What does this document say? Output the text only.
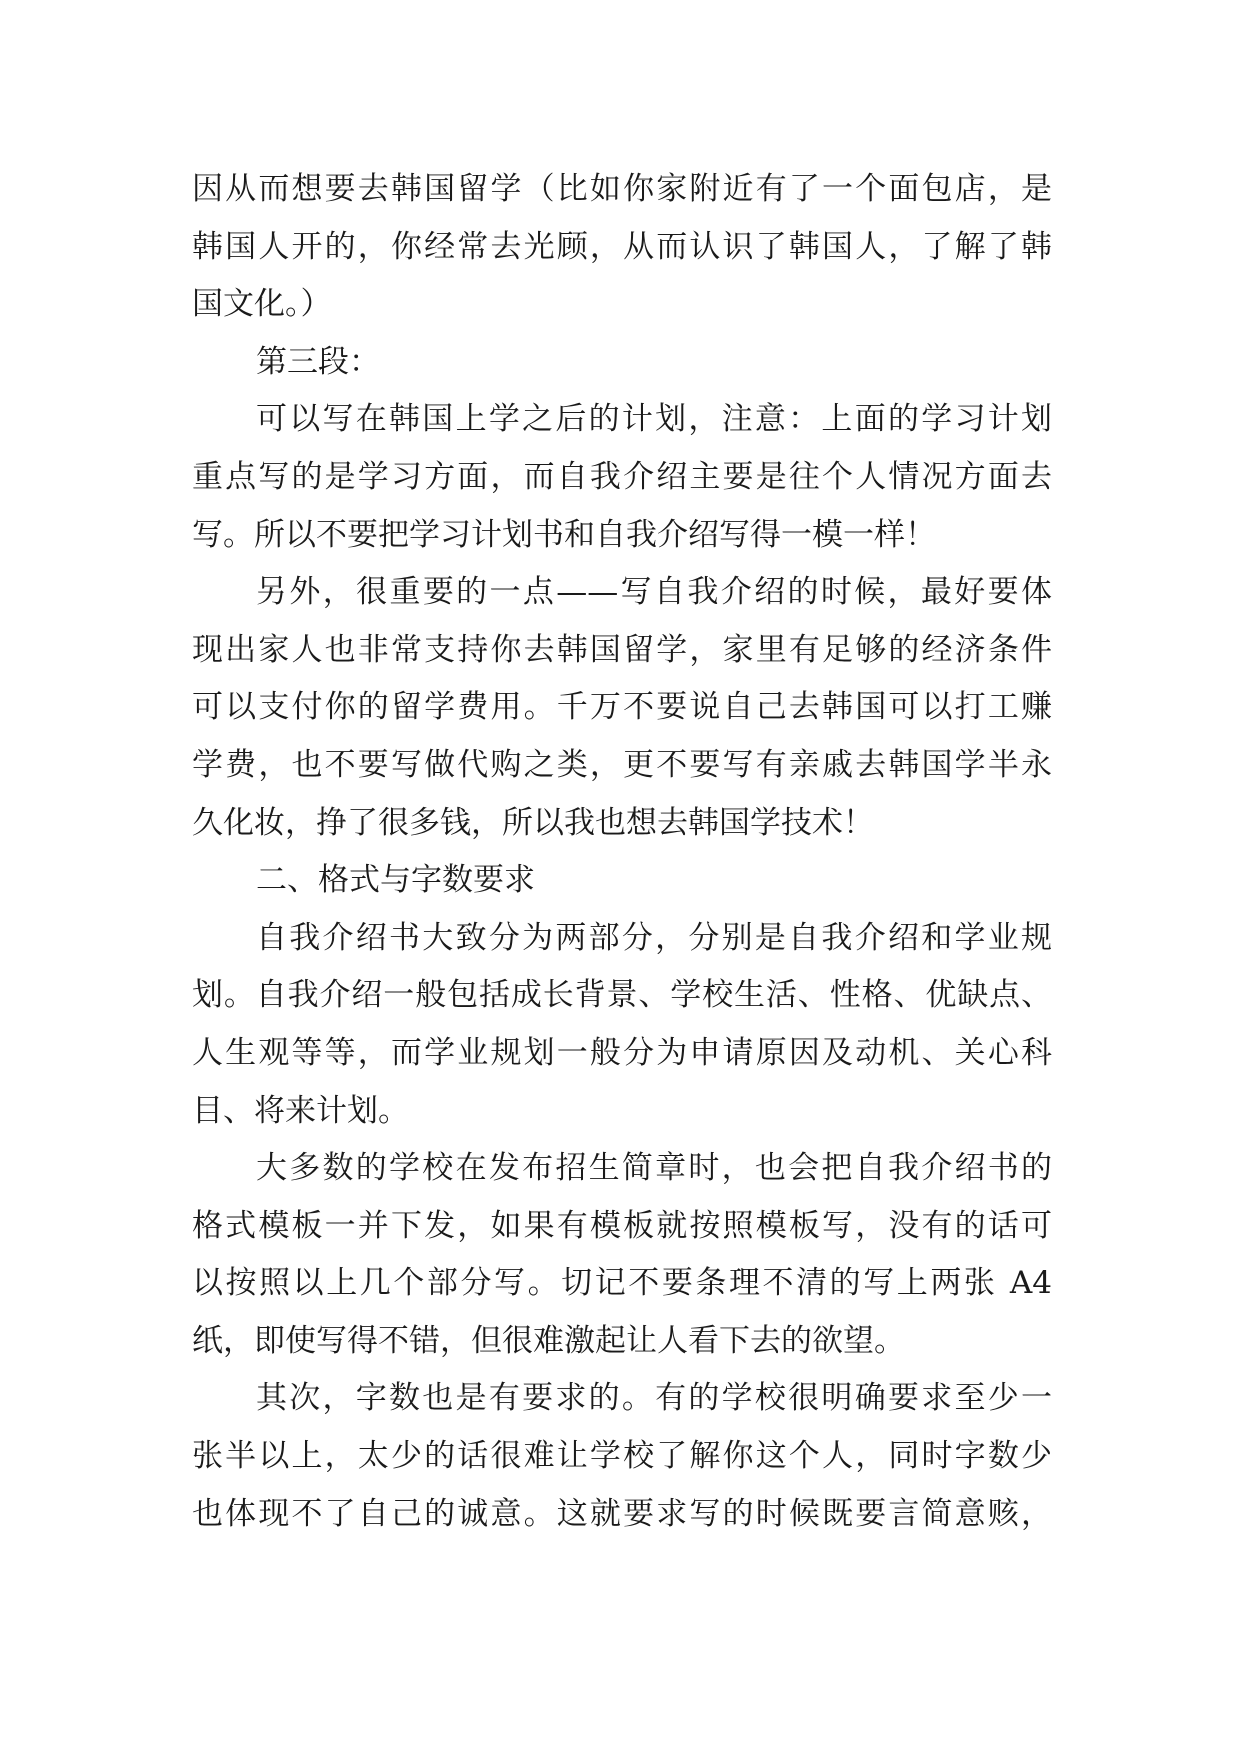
因从而想要去韩国留学（比如你家附近有了一个面包店，是
韩国人开的，你经常去光顾，从而认识了韩国人，了解了韩
国文化。）
第三段：
可以写在韩国上学之后的计划，注意：上面的学习计划
重点写的是学习方面，而自我介绍主要是往个人情况方面去
写。所以不要把学习计划书和自我介绍写得一模一样！
另外，很重要的一点——写自我介绍的时候，最好要体
现出家人也非常支持你去韩国留学，家里有足够的经济条件
可以支付你的留学费用。千万不要说自己去韩国可以打工赚
学费，也不要写做代购之类，更不要写有亲戚去韩国学半永
久化妆，挣了很多钱，所以我也想去韩国学技术！
二、格式与字数要求
自我介绍书大致分为两部分，分别是自我介绍和学业规
划。自我介绍一般包括成长背景、学校生活、性格、优缺点、
人生观等等，而学业规划一般分为申请原因及动机、关心科
目、将来计划。
大多数的学校在发布招生简章时，也会把自我介绍书的
格式模板一并下发，如果有模板就按照模板写，没有的话可
以按照以上几个部分写。切记不要条理不清的写上两张 A4
纸，即使写得不错，但很难激起让人看下去的欲望。
其次，字数也是有要求的。有的学校很明确要求至少一
张半以上，太少的话很难让学校了解你这个人，同时字数少
也体现不了自己的诚意。这就要求写的时候既要言简意赅，
